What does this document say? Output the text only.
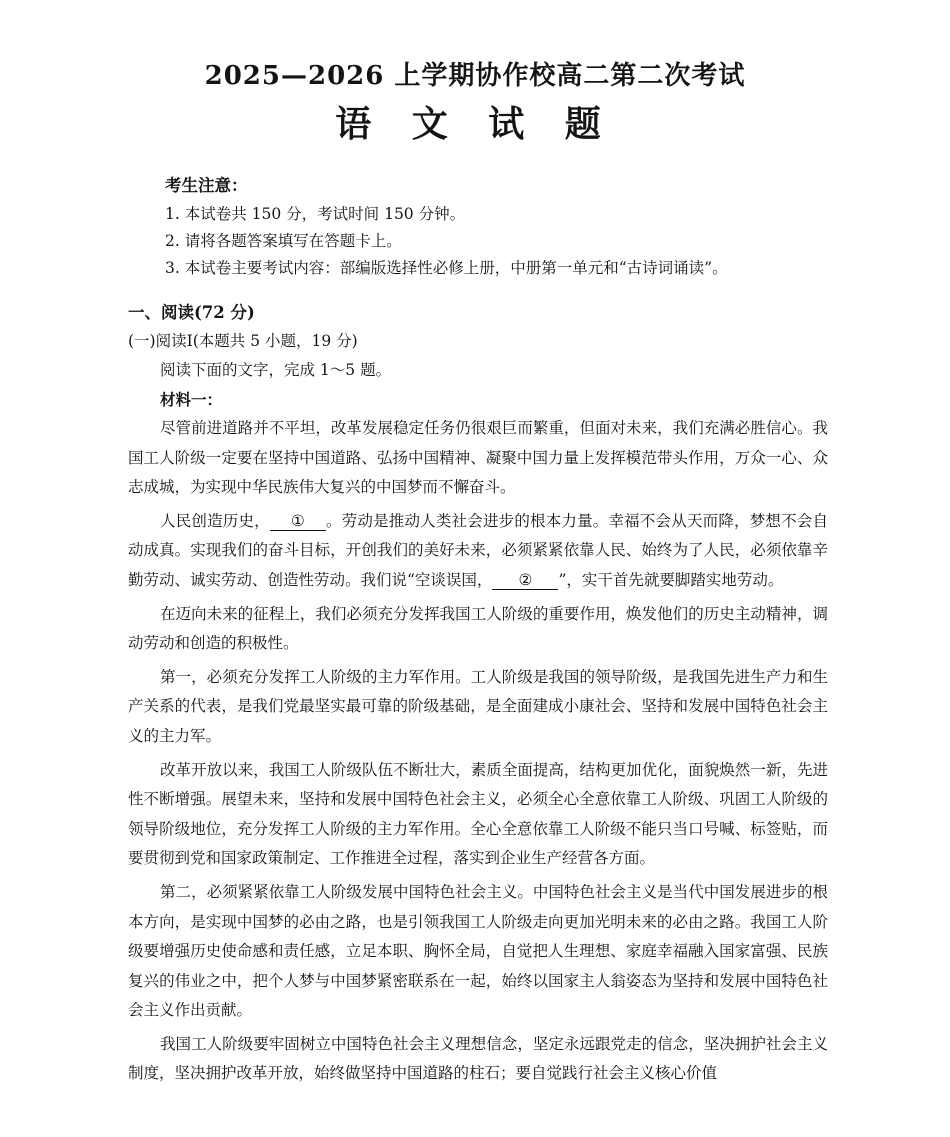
2025—2026 上学期协作校高二第二次考试
语 文 试 题
考生注意：
1. 本试卷共 150 分，考试时间 150 分钟。
2. 请将各题答案填写在答题卡上。
3. 本试卷主要考试内容：部编版选择性必修上册，中册第一单元和“古诗词诵读”。
一、阅读(72 分)
(一)阅读Ⅰ(本题共 5 小题，19 分)
阅读下面的文字，完成 1～5 题。
材料一：
尽管前进道路并不平坦，改革发展稳定任务仍很艰巨而繁重，但面对未来，我们充满必胜信心。我国工人阶级一定要在坚持中国道路、弘扬中国精神、凝聚中国力量上发挥模范带头作用，万众一心、众志成城，为实现中华民族伟大复兴的中国梦而不懈奋斗。
人民创造历史， ① 。劳动是推动人类社会进步的根本力量。幸福不会从天而降，梦想不会自动成真。实现我们的奋斗目标，开创我们的美好未来，必须紧紧依靠人民、始终为了人民，必须依靠辛勤劳动、诚实劳动、创造性劳动。我们说“空谈误国， ② ”，实干首先就要脚踏实地劳动。
在迈向未来的征程上，我们必须充分发挥我国工人阶级的重要作用，焕发他们的历史主动精神，调动劳动和创造的积极性。
第一，必须充分发挥工人阶级的主力军作用。工人阶级是我国的领导阶级，是我国先进生产力和生产关系的代表，是我们党最坚实最可靠的阶级基础，是全面建成小康社会、坚持和发展中国特色社会主义的主力军。
改革开放以来，我国工人阶级队伍不断壮大，素质全面提高，结构更加优化，面貌焕然一新，先进性不断增强。展望未来，坚持和发展中国特色社会主义，必须全心全意依靠工人阶级、巩固工人阶级的领导阶级地位，充分发挥工人阶级的主力军作用。全心全意依靠工人阶级不能只当口号喊、标签贴，而要贯彻到党和国家政策制定、工作推进全过程，落实到企业生产经营各方面。
第二，必须紧紧依靠工人阶级发展中国特色社会主义。中国特色社会主义是当代中国发展进步的根本方向，是实现中国梦的必由之路，也是引领我国工人阶级走向更加光明未来的必由之路。我国工人阶级要增强历史使命感和责任感，立足本职、胸怀全局，自觉把人生理想、家庭幸福融入国家富强、民族复兴的伟业之中，把个人梦与中国梦紧密联系在一起，始终以国家主人翁姿态为坚持和发展中国特色社会主义作出贡献。
我国工人阶级要牢固树立中国特色社会主义理想信念，坚定永远跟党走的信念，坚决拥护社会主义制度，坚决拥护改革开放，始终做坚持中国道路的柱石；要自觉践行社会主义核心价值
